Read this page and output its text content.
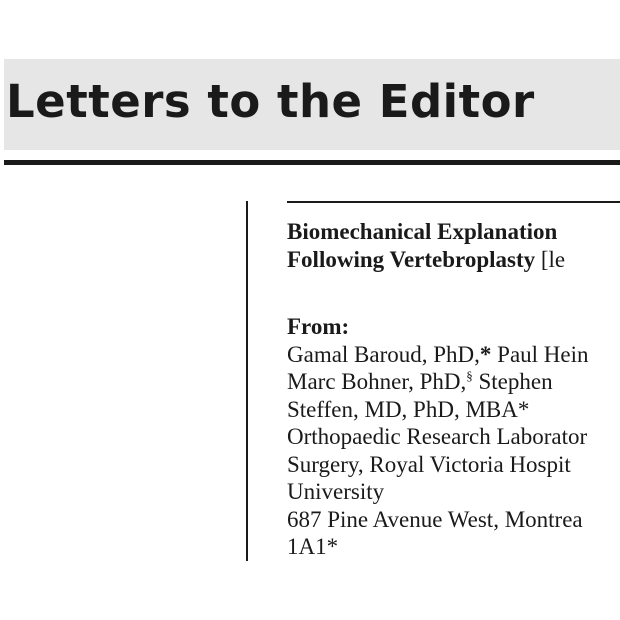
Letters to the Editor

Biomechanical Explanation

Following Vertebroplasty [le

From:

Gamal Baroud, PhD,* Paul Hein
Marc Bohner, PhD,§ Stephen
Steffen, MD, PhD, MBA*

Orthopaedic Research Laborator
Surgery, Royal Victoria Hospit
University

687 Pine Avenue West, Montrea
1A1*
